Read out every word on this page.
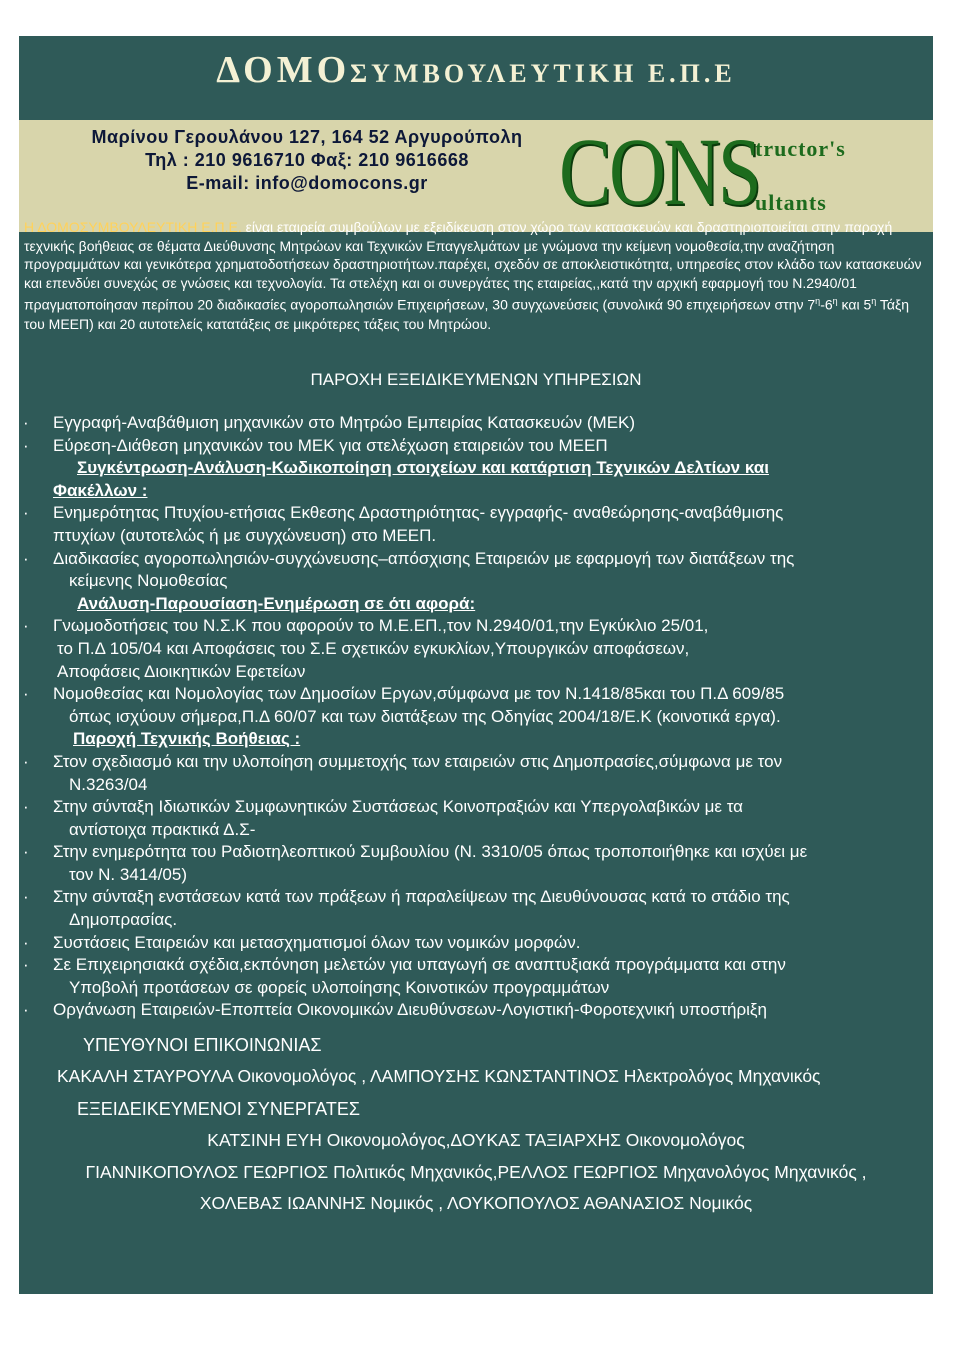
ΔΟΜΟΣΥΜΒΟΥΛΕΥΤΙΚΗ Ε.Π.Ε
Μαρίνου Γερουλάνου 127, 164 52 Αργυρούπολη
Τηλ : 210 9616710 Φαξ: 210 9616668
E-mail: info@domocons.gr	CONS
tructor's
ultants
Η ΔΟΜΟΣΥΜΒΟΥΛΕΥΤΙΚΗ Ε.Π.Ε. είναι εταιρεία συμβούλων με εξειδίκευση στον χώρο των κατασκευών και δραστηριοποιείται στην παροχή τεχνικής βοήθειας σε θέματα Διεύθυνσης Μητρώων και Τεχνικών Επαγγελμάτων με γνώμονα την κείμενη νομοθεσία,την αναζήτηση προγραμμάτων και γενικότερα χρηματοδοτήσεων δραστηριοτήτων.παρέχει, σχεδόν σε αποκλειστικότητα, υπηρεσίες στον κλάδο των κατασκευών και επενδύει συνεχώς σε γνώσεις και τεχνολογία. Τα στελέχη και οι συνεργάτες της εταιρείας,,κατά την αρχική εφαρμογή του Ν.2940/01 πραγματοποίησαν περίπου 20 διαδικασίες αγοροπωλησιών Επιχειρήσεων, 30 συγχωνεύσεις (συνολικά 90 επιχειρήσεων στην $7^\eta-6^\eta$ και $5^\eta$ Τάξη του ΜΕΕΠ) και 20 αυτοτελείς κατατάξεις σε μικρότερες τάξεις του Μητρώου.
ΠΑΡΟΧΗ ΕΞΕΙΔΙΚΕΥΜΕΝΩΝ ΥΠΗΡΕΣΙΩΝ
· Εγγραφή-Αναβάθμιση μηχανικών στο Μητρώο Εμπειρίας Κατασκευών (ΜΕΚ)
· Εύρεση-Διάθεση μηχανικών του ΜΕΚ για στελέχωση εταιρειών του ΜΕΕΠ
Συγκέντρωση-Ανάλυση-Κωδικοποίηση στοιχείων και κατάρτιση Τεχνικών Δελτίων και
Φακέλλων :
· Ενημερότητας Πτυχίου-ετήσιας Εκθεσης Δραστηριότητας- εγγραφής- αναθεώρησης-αναβάθμισης
πτυχίων (αυτοτελώς ή με συγχώνευση) στο ΜΕΕΠ.
· Διαδικασίες αγοροπωλησιών-συγχώνευσης–απόσχισης Εταιρειών με εφαρμογή των διατάξεων της
κείμενης Νομοθεσίας
Ανάλυση-Παρουσίαση-Ενημέρωση σε ότι αφορά:
· Γνωμοδοτήσεις του Ν.Σ.Κ που αφορούν το Μ.Ε.ΕΠ.,τον Ν.2940/01,την Εγκύκλιο 25/01,
το Π.Δ 105/04 και Αποφάσεις του Σ.Ε σχετικών εγκυκλίων,Υπουργικών αποφάσεων,
Αποφάσεις Διοικητικών Εφετείων
· Νομοθεσίας και Νομολογίας των Δημοσίων Εργων,σύμφωνα με τον Ν.1418/85και του Π.Δ 609/85
όπως ισχύουν σήμερα,Π.Δ 60/07 και των διατάξεων της Οδηγίας 2004/18/Ε.Κ (κοινοτικά εργα).
Παροχή Τεχνικής Βοήθειας :
· Στον σχεδιασμό και την υλοποίηση συμμετοχής των εταιρειών στις Δημοπρασίες,σύμφωνα με τον
Ν.3263/04
· Στην σύνταξη Ιδιωτικών Συμφωνητικών Συστάσεως Κοινοπραξιών και Υπεργολαβικών με τα
αντίστοιχα πρακτικά Δ.Σ-
· Στην ενημερότητα του Ραδιοτηλεοπτικού Συμβουλίου (Ν. 3310/05 όπως τροποποιήθηκε και ισχύει με
τον Ν. 3414/05)
· Στην σύνταξη ενστάσεων κατά των πράξεων ή παραλείψεων της Διευθύνουσας κατά το στάδιο της
Δημοπρασίας.
· Συστάσεις Εταιρειών και μετασχηματισμοί όλων των νομικών μορφών.
· Σε Επιχειρησιακά σχέδια,εκπόνηση μελετών για υπαγωγή σε αναπτυξιακά προγράμματα και στην
Υποβολή προτάσεων σε φορείς υλοποίησης Κοινοτικών προγραμμάτων
· Οργάνωση Εταιρειών-Εποπτεία Οικονομικών Διευθύνσεων-Λογιστική-Φοροτεχνική υποστήριξη
ΥΠΕΥΘΥΝΟΙ ΕΠΙΚΟΙΝΩΝΙΑΣ
ΚΑΚΑΛΗ ΣΤΑΥΡΟΥΛΑ Οικονομολόγος , ΛΑΜΠΟΥΣΗΣ ΚΩΝΣΤΑΝΤΙΝΟΣ Ηλεκτρολόγος Μηχανικός
ΕΞΕΙΔΕΙΚΕΥΜΕΝΟΙ ΣΥΝΕΡΓΑΤΕΣ
ΚΑΤΣΙΝΗ ΕΥΗ Οικονομολόγος,ΔΟΥΚΑΣ ΤΑΞΙΑΡΧΗΣ Οικονομολόγος
ΓΙΑΝΝΙΚΟΠΟΥΛΟΣ ΓΕΩΡΓΙΟΣ Πολιτικός Μηχανικός,ΡΕΛΛΟΣ ΓΕΩΡΓΙΟΣ Μηχανολόγος Μηχανικός ,
ΧΟΛΕΒΑΣ ΙΩΑΝΝΗΣ Νομικός , ΛΟΥΚΟΠΟΥΛΟΣ ΑΘΑΝΑΣΙΟΣ Νομικός
